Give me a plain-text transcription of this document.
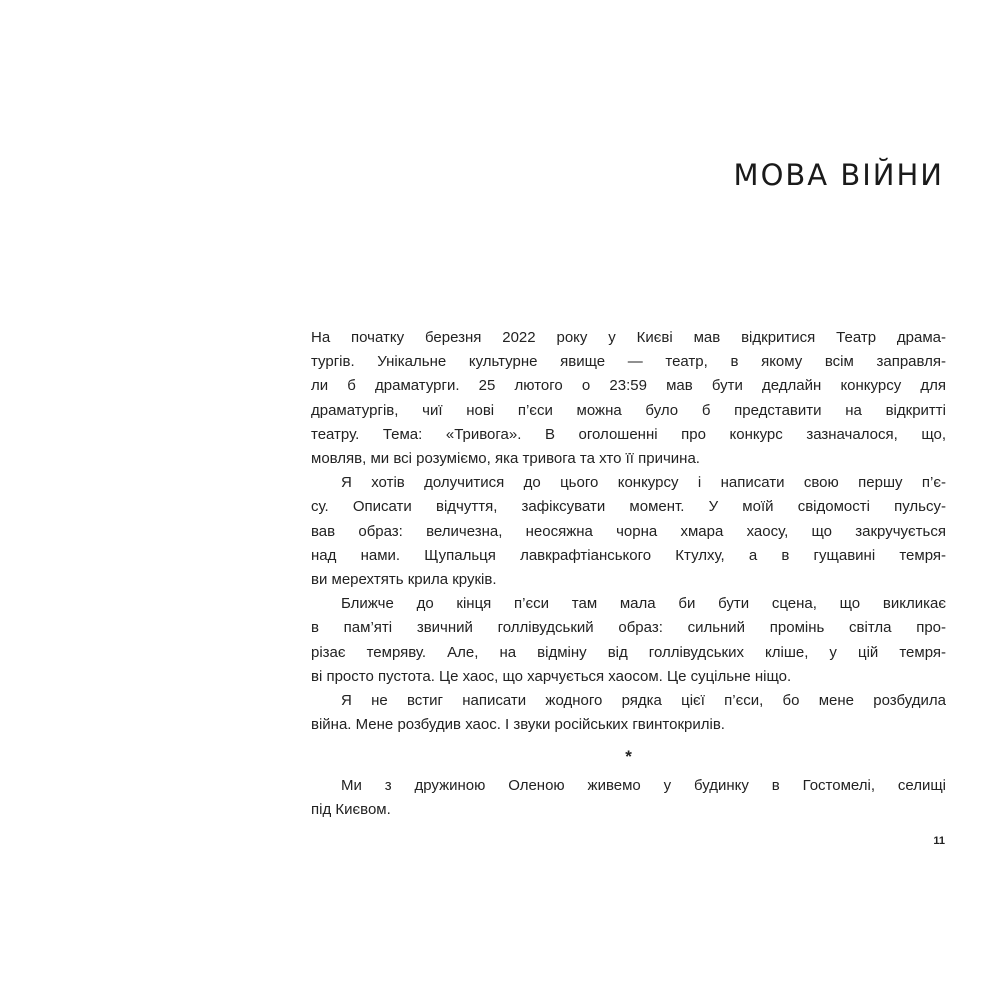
МОВА ВІЙНИ
На початку березня 2022 року у Києві мав відкритися Театр драма-
тургів. Унікальне культурне явище — театр, в якому всім заправля-
ли б драматурги. 25 лютого о 23:59 мав бути дедлайн конкурсу для
драматургів, чиї нові п’єси можна було б представити на відкритті
театру. Тема: «Тривога». В оголошенні про конкурс зазначалося, що,
мовляв, ми всі розуміємо, яка тривога та хто її причина.
Я хотів долучитися до цього конкурсу і написати свою першу п’є-
су. Описати відчуття, зафіксувати момент. У моїй свідомості пульсу-
вав образ: величезна, неосяжна чорна хмара хаосу, що закручується
над нами. Щупальця лавкрафтіанського Ктулху, а в гущавині темря-
ви мерехтять крила круків.
Ближче до кінця п’єси там мала би бути сцена, що викликає
в пам’яті звичний голлівудський образ: сильний промінь світла про-
різає темряву. Але, на відміну від голлівудських кліше, у цій темря-
ві просто пустота. Це хаос, що харчується хаосом. Це суцільне ніщо.
Я не встиг написати жодного рядка цієї п’єси, бо мене розбудила
війна. Мене розбудив хаос. І звуки російських гвинтокрилів.
*
Ми з дружиною Оленою живемо у будинку в Гостомелі, селищі
під Києвом.
11
